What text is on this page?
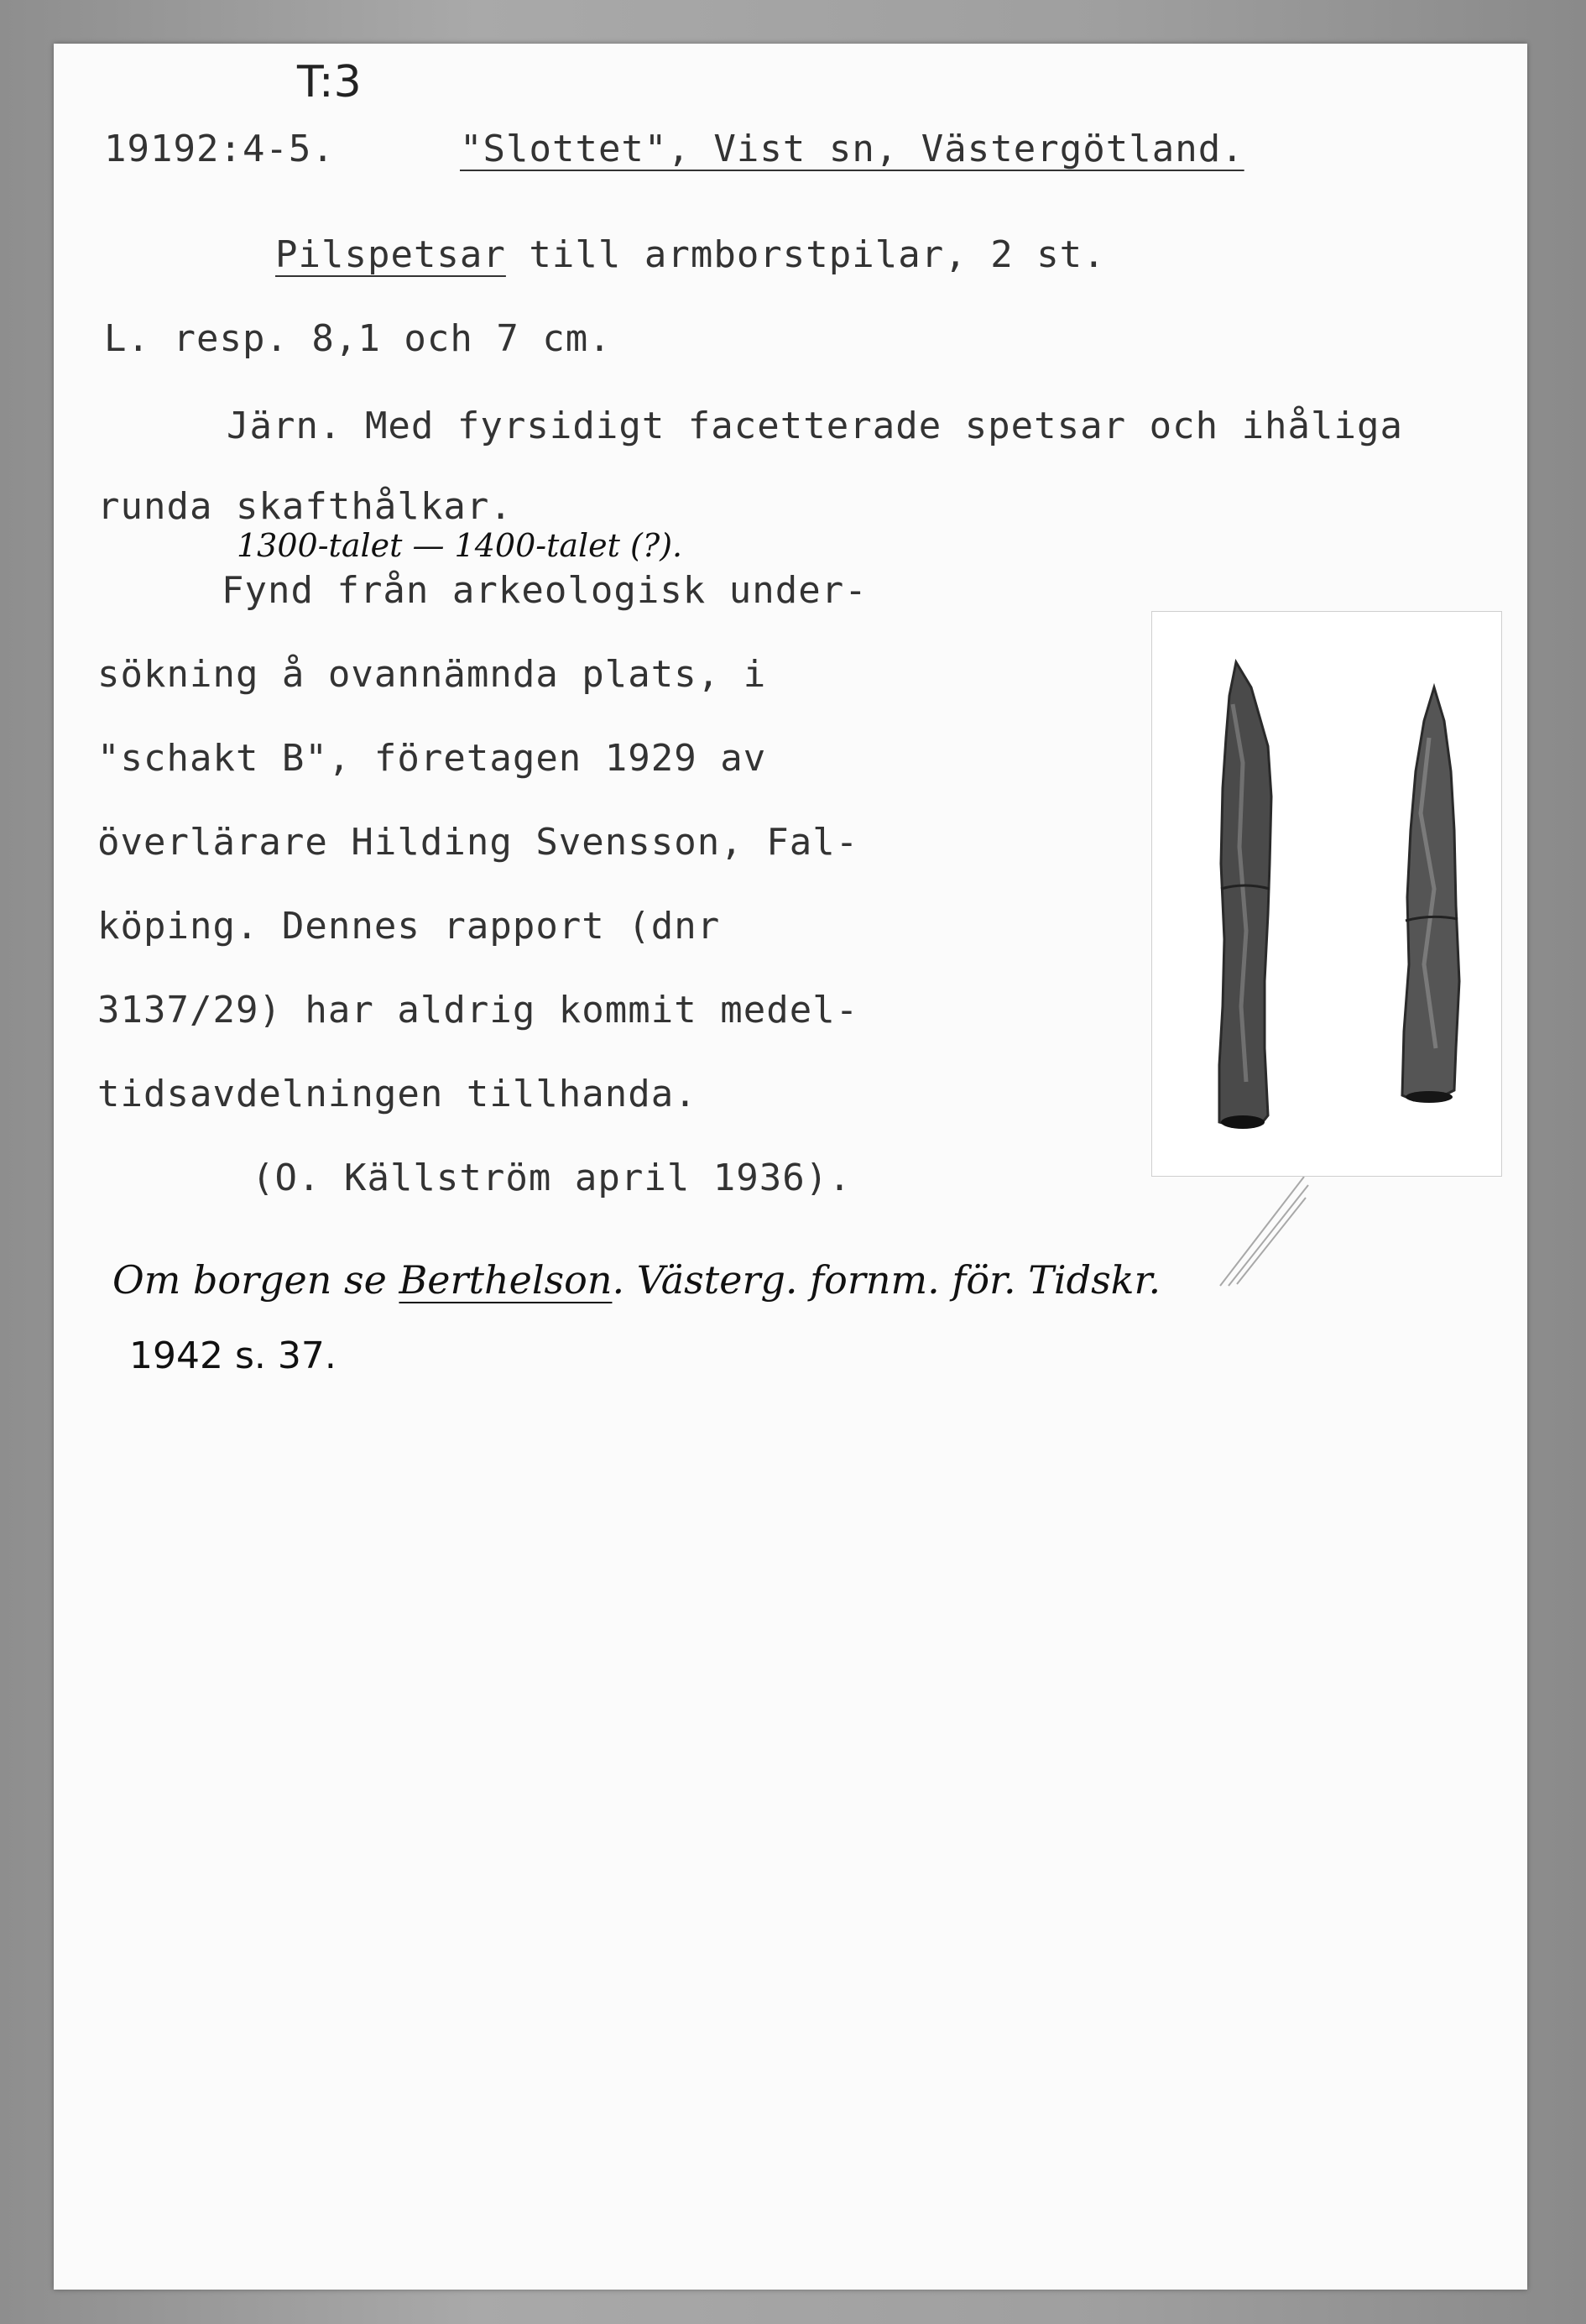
T:3
19192:4-5.	"Slottet", Vist sn, Västergötland.
Pilspetsar till armborstpilar, 2 st.
L. resp. 8,1 och 7 cm.
Järn. Med fyrsidigt facetterade spetsar och ihåliga
runda skafthålkar.
1300-talet — 1400-talet (?).
Fynd från arkeologisk under-
sökning å ovannämnda plats, i
"schakt B", företagen 1929 av
överlärare Hilding Svensson, Fal-
köping. Dennes rapport (dnr
3137/29) har aldrig kommit medel-
tidsavdelningen tillhanda.
(O. Källström april 1936).
Om borgen se Berthelson. Västerg. fornm. för. Tidskr.
1942 s. 37.
